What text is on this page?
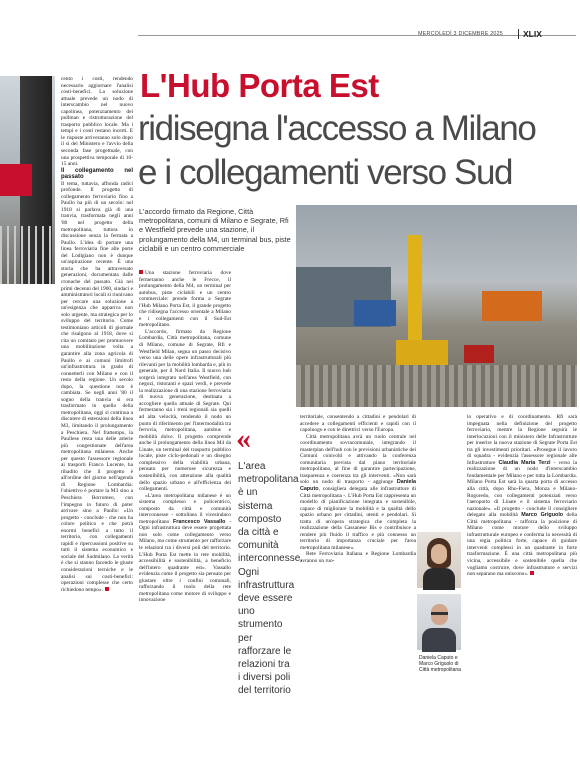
MERCOLEDÌ 3 DICEMBRE 2025 XLIX

cento i costi, rendendo necessario aggiornare l'analisi costi-benefici. La soluzione attuale prevede un nodo di interscambio nel nuovo capolinea, potenziamento dei pullman e ristrutturazione del trasporto pubblico locale. Ma i tempi e i costi restano incerti. E le risposte arriveranno solo dopo il sì del Ministero e l'avvio della seconda fase progettuale, con una prospettiva temporale di 10-15 anni.

Il collegamento nel passato

Il tema, tuttavia, affonda radici profonde. Il progetto di collegamento ferroviario fino a Paullo ha più di un secolo: nel 1918 si parlava già di una tranvia, trasformata negli anni '80 nel progetto della metropolitana, tuttora in discussione senza la fermata a Paullo. L'idea di portare una linea ferroviaria fine alle porte del Lodigiano non è dunque un'aspirazione recente. È una storia che ha attraversato generazioni, documentata dalle cronache del passato. Già nei primi decenni del 1900, sindaci e amministratori locali si riunivano per cercare una soluzione a un'esigenza che appariva non solo urgente, ma strategica per lo sviluppo del territorio. Come testimoniano articoli di giornale che risalgono al 1918, dove si cita un comitato per promuovere una mobilitazione volta a garantire alla zona agricola di Paullo e ai comuni limitrofi un'infrastruttura in grado di connetterli con Milano e con il resto della regione. Un secolo dopo, la questione non è cambiata. Se negli anni '80 il sogno della tranvia si era trasformato in quello della metropolitana, oggi si continua a discutere di estensioni della linea M3, limitando il prolungamento a Peschiera. Nel frattempo, la Paullese resta una delle arterie più congestionate dell'area metropolitana milanese. Anche per questo l'assessore regionale ai trasporti Franco Lucente, ha ribadito che il progetto è all'ordine del giorno nell'agenda di Regione Lombardia: l'obiettivo è portare la M3 sino a Peschiera Borromeo, con l'impegno in futuro di poter arrivare sino a Paullo: «Un progetto - conclude - che non ha colore politico e che potrà enormi benefici a tutto il territorio, con collegamenti rapidi e ripercussioni positive su tutti il sistema economico e sociale del Sudmilano. La verità è che si stanno facendo le giuste considerazioni tecniche e le analisi sui costi-benefici: operazioni complesse che certo richiedono tempo».

L'Hub Porta Est
ridisegna l'accesso a Milano
e i collegamenti verso Sud
L'accordo firmato da Regione, Città metropolitana, comuni di Milano e Segrate, Rfi e Westfield prevede una stazione, il prolungamento della M4, un terminal bus, piste ciclabili e un centro commerciale

Una stazione ferroviaria dove fermeranno anche le Frecce, il prolungamento della M4, un terminal per autobus, piste ciclabili e un centro commerciale: prende forma a Segrate l'Hub Milano Porta Est, il grande progetto che ridisegna l'accesso orientale a Milano e i collegamenti con il Sud-Est metropolitano.

L'accordo, firmato da Regione Lombardia, Città metropolitana, comune di Milano, comune di Segrate, Rfi e Westfield Milan, segna un passo decisivo verso una delle opere infrastrutturali più rilevanti per la mobilità lombarda e, più in generale, per il Nord Italia. Il nuovo hub sorgerà integrato nell'area Westfield, con negozi, ristoranti e spazi verdi, e prevede la realizzazione di una stazione ferroviaria di nuova generazione, destinata a accogliere quella attuale di Segrate. Qui fermeranno sia i treni regionali sia quelli ad alta velocità, rendendo il nodo un punto di riferimento per l'intermodalità tra ferrovia, metropolitana, autobus e mobilità dolce. Il progetto comprende anche il prolungamento della linea M4 da Linate, un terminal del trasporto pubblico locale, piste ciclo-pedonali e un disegno complessivo della viabilità urbana, pensato per numerose sicurezza e sostenibilità, con attenzione alla qualità dello spazio urbano e all'efficienza dei collegamenti.

«L'area metropolitana milanese è un sistema complesso e policentrico, composto da città e comunità interconnesse - sottolinea il vicesindaco metropolitano Francesco Vassallo - Ogni infrastruttura deve essere progettata non solo come collegamento verso Milano, ma come strumento per rafforzare le relazioni tra i diversi poli del territorio. L'Hub Porta Est mette in rete mobilità, accessibilità e sostenibilità, a beneficio dell'intero quadrante est». Vassallo evidenzia come il progetto sia pensato per giustare oltre i confini comunali, rafforzando il ruolo della rete metropolitana come motore di sviluppo e innovazione

«
L'area metropolitana è un sistema composto da città e comunità interconnesse. Ogni infrastruttura deve essere uno strumento per rafforzare le relazioni tra i diversi poli del territorio

territoriale, consentendo a cittadini e pendolari di accedere a collegamenti efficienti e rapidi con il capoluogo e con le direttrici verso l'Europa.

Città metropolitana avrà un ruolo centrale nel coordinamento sovracomunale, integrando il masterplan dell'hub con le previsioni urbanistiche dei Comuni coinvolti e attivando la conferenza comunitaria prevista dal piano territoriale metropolitano, al fine di garantire partecipazione, trasparenza e coerenza tra gli interventi. «Non sarà solo un nodo di trasporto - aggiunge Daniela Caputo, consigliera delegata alle infrastrutture di Città metropolitana -. L'Hub Porta Est rappresenta un modello di pianificazione integrata e sostenibile, capace di migliorare la mobilità e la qualità dello spazio urbano per cittadini, utenti e pendolari. Si tratta di un'opera strategica che completa la realizzazione della Cassanese Bis e contribuisce a rendere più fluido il traffico e più connesso un territorio di importanza cruciale per l'area metropolitana milanese».

Rete Ferroviaria Italiana e Regione Lombardia avranno un ruo-

Daniela Caputo e Marco Griguolo di Città metropolitana

lo operativo e di coordinamento. Rfi sarà impegnata nella definizione del progetto ferroviario, mentre la Regione seguirà le interlocuzioni con il ministero delle Infrastrutture per inserire la nuova stazione di Segrate Porta Est tra gli investimenti prioritari. «Prosegue il lavoro di squadra - evidenzia l'assessore regionale alle Infrastrutture Claudia Maria Terzi - verso la realizzazione di un nodo d'interscambio fondamentale per Milano e per tutta la Lombardia. Milano Porta Est sarà la quarta porta di accesso alla città, dopo Rho-Fiera, Monza e Milano-Rogoredo, con collegamenti potenziati verso l'aeroporto di Linate e il sistema ferroviario nazionale». «Il progetto - conclude il consigliere delegato alla mobilità Marco Griguolo della Città metropolitana - rafforza la posizione di Milano come motore dello sviluppo infrastrutturale europeo e conferma la necessità di una regia politica forte, capace di guidare interventi complessi in un quadrante in forte trasformazione. È una città metropolitana più vicina, accessibile e sostenibile quella che vogliamo costruire, dove infrastrutture e servizi non separano ma uniscono».
